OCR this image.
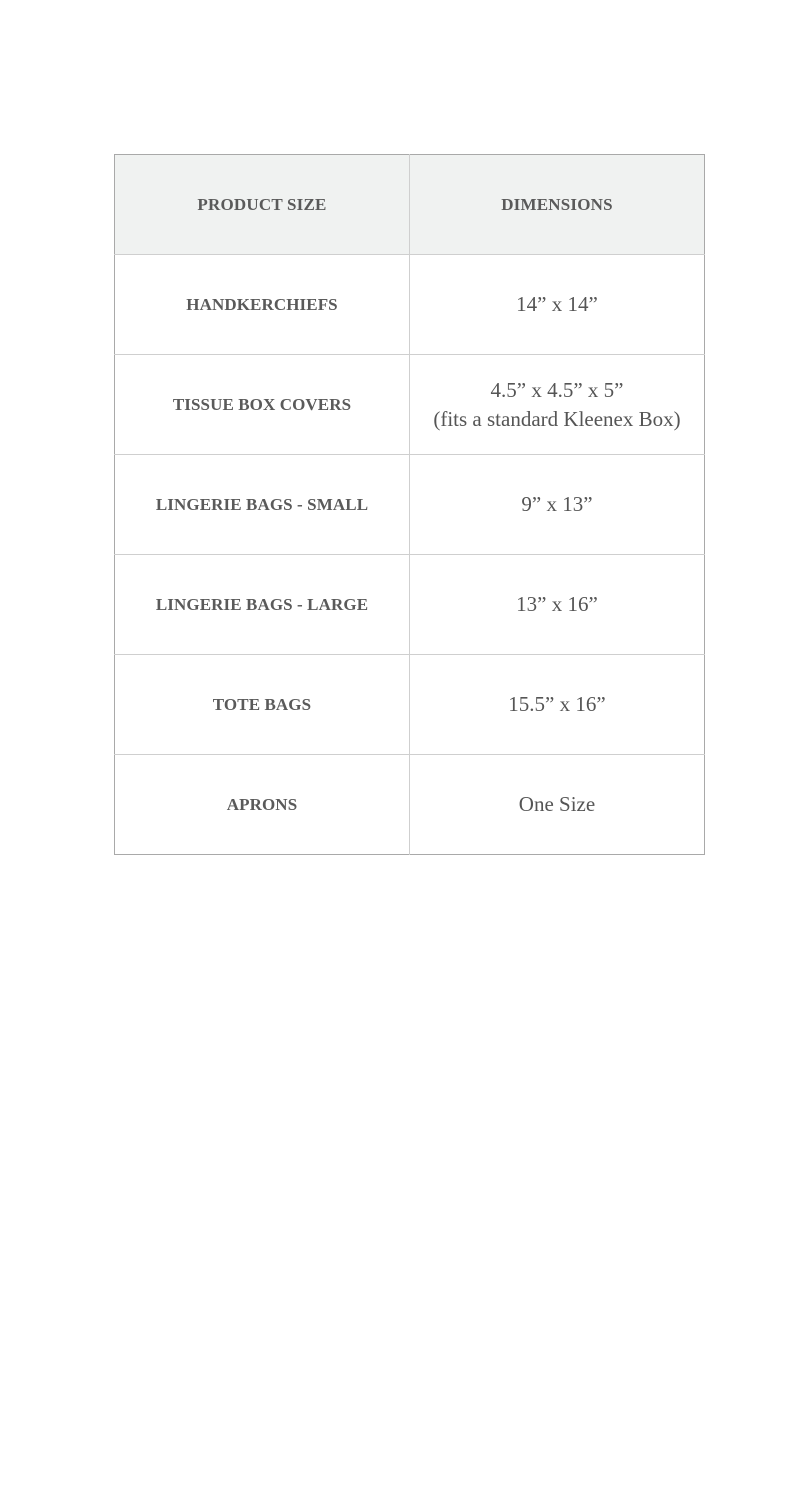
PRODUCT SIZE	DIMENSIONS
HANDKERCHIEFS	14” x 14”

TISSUE BOX COVERS	4.5” x 4.5” x 5”
(fits a standard Kleenex Box)

LINGERIE BAGS - SMALL	9” x 13”

LINGERIE BAGS - LARGE	13” x 16”

TOTE BAGS	15.5” x 16”

APRONS	One Size
